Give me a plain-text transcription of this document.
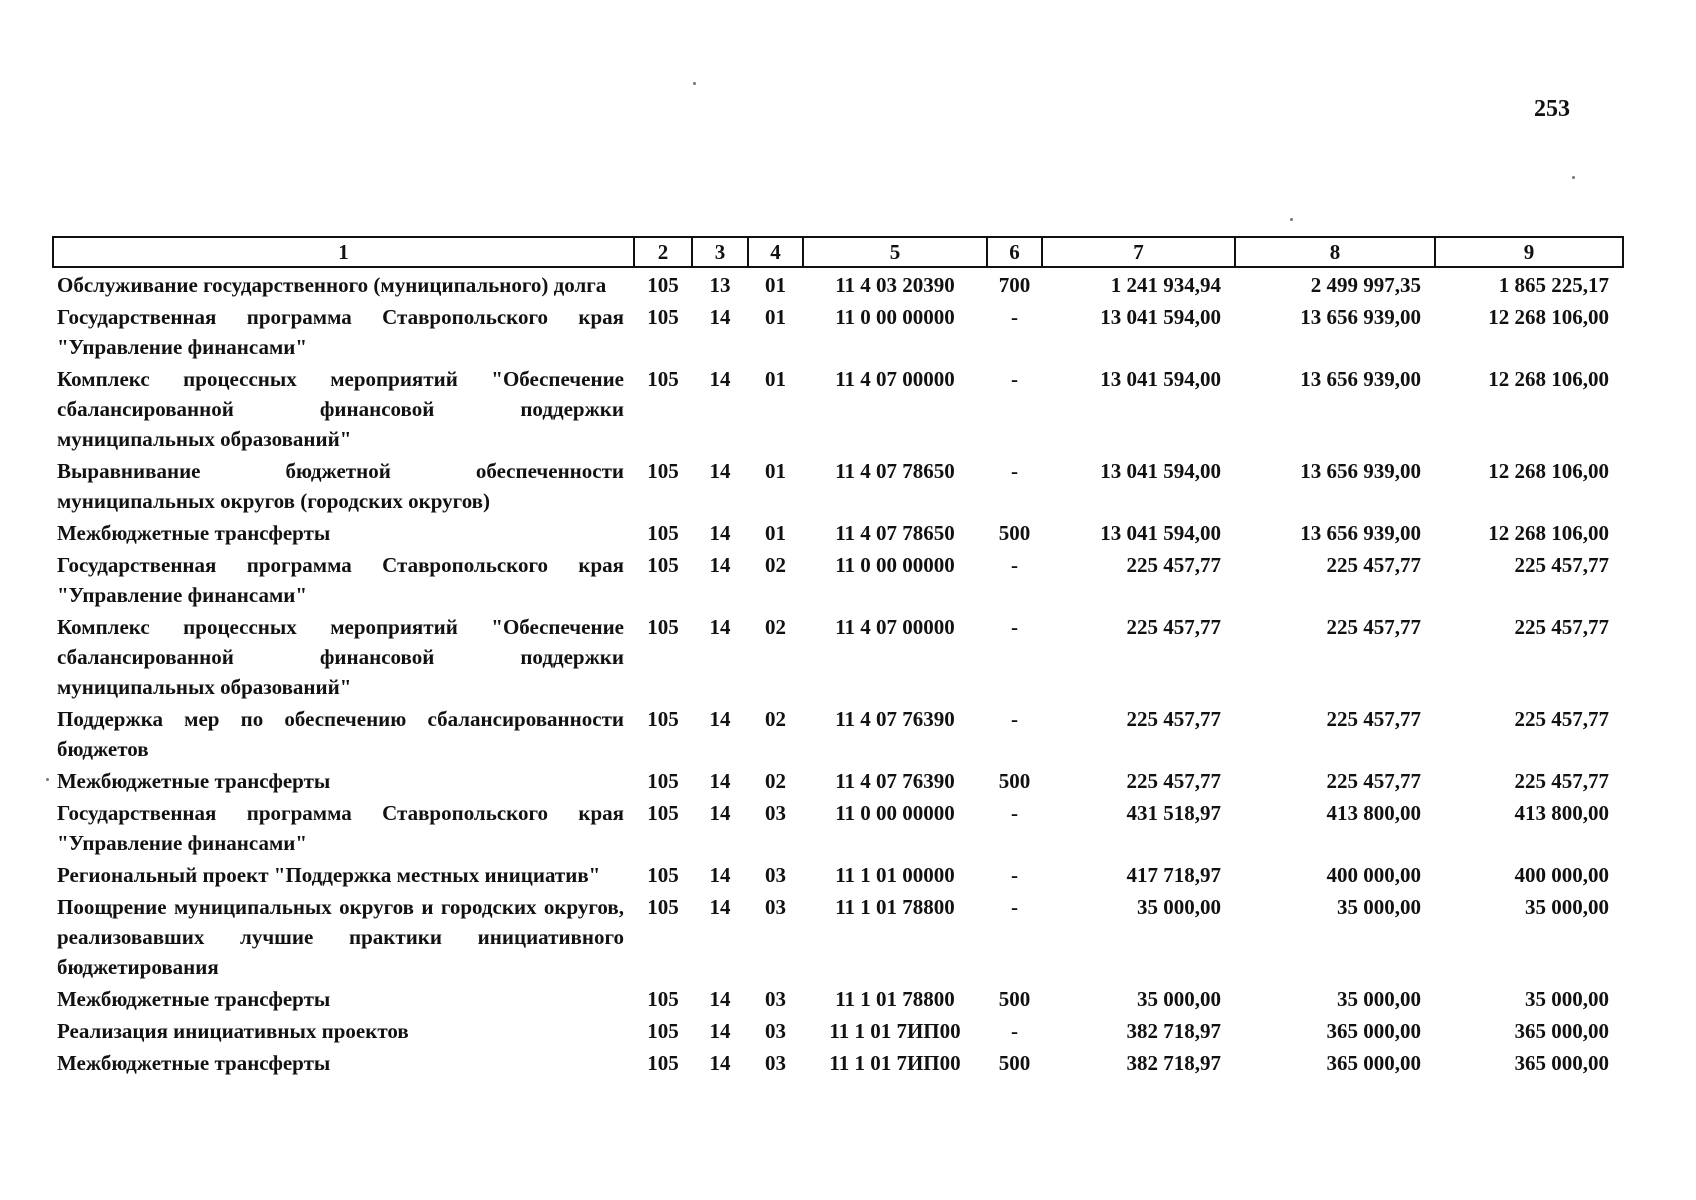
253
1	2	3	4	5	6	7	8	9
Обслуживание государственного (муниципального) долга	105	13	01	11 4 03 20390	700	1 241 934,94	2 499 997,35	1 865 225,17
Государственная программа Ставропольского края "Управление финансами"	105	14	01	11 0 00 00000	-	13 041 594,00	13 656 939,00	12 268 106,00
Комплекс процессных мероприятий "Обеспечение сбалансированной финансовой поддержки муниципальных образований"	105	14	01	11 4 07 00000	-	13 041 594,00	13 656 939,00	12 268 106,00
Выравнивание бюджетной обеспеченности муниципальных округов (городских округов)	105	14	01	11 4 07 78650	-	13 041 594,00	13 656 939,00	12 268 106,00
Межбюджетные трансферты	105	14	01	11 4 07 78650	500	13 041 594,00	13 656 939,00	12 268 106,00
Государственная программа Ставропольского края "Управление финансами"	105	14	02	11 0 00 00000	-	225 457,77	225 457,77	225 457,77
Комплекс процессных мероприятий "Обеспечение сбалансированной финансовой поддержки муниципальных образований"	105	14	02	11 4 07 00000	-	225 457,77	225 457,77	225 457,77
Поддержка мер по обеспечению сбалансированности бюджетов	105	14	02	11 4 07 76390	-	225 457,77	225 457,77	225 457,77
Межбюджетные трансферты	105	14	02	11 4 07 76390	500	225 457,77	225 457,77	225 457,77
Государственная программа Ставропольского края "Управление финансами"	105	14	03	11 0 00 00000	-	431 518,97	413 800,00	413 800,00
Региональный проект "Поддержка местных инициатив"	105	14	03	11 1 01 00000	-	417 718,97	400 000,00	400 000,00
Поощрение муниципальных округов и городских округов, реализовавших лучшие практики инициативного бюджетирования	105	14	03	11 1 01 78800	-	35 000,00	35 000,00	35 000,00
Межбюджетные трансферты	105	14	03	11 1 01 78800	500	35 000,00	35 000,00	35 000,00
Реализация инициативных проектов	105	14	03	11 1 01 7ИП00	-	382 718,97	365 000,00	365 000,00
Межбюджетные трансферты	105	14	03	11 1 01 7ИП00	500	382 718,97	365 000,00	365 000,00
